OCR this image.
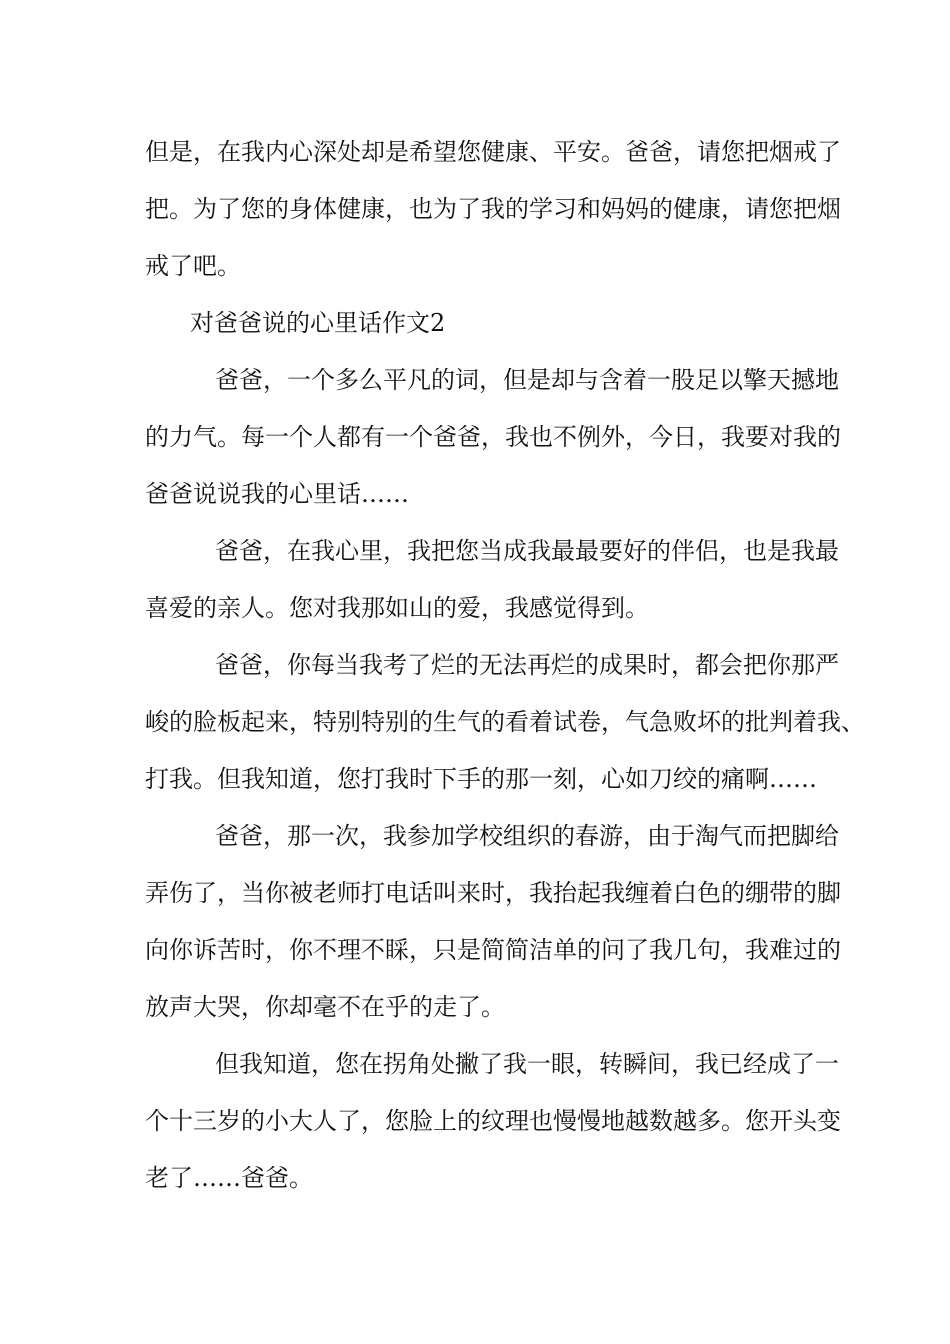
但是，在我内心深处却是希望您健康、平安。爸爸，请您把烟戒了
把。为了您的身体健康，也为了我的学习和妈妈的健康，请您把烟
戒了吧。
对爸爸说的心里话作文2
爸爸，一个多么平凡的词，但是却与含着一股足以擎天撼地
的力气。每一个人都有一个爸爸，我也不例外，今日，我要对我的
爸爸说说我的心里话……
爸爸，在我心里，我把您当成我最最要好的伴侣，也是我最
喜爱的亲人。您对我那如山的爱，我感觉得到。
爸爸，你每当我考了烂的无法再烂的成果时，都会把你那严
峻的脸板起来，特别特别的生气的看着试卷，气急败坏的批判着我、
打我。但我知道，您打我时下手的那一刻，心如刀绞的痛啊……
爸爸，那一次，我参加学校组织的春游，由于淘气而把脚给
弄伤了，当你被老师打电话叫来时，我抬起我缠着白色的绷带的脚
向你诉苦时，你不理不睬，只是简简洁单的问了我几句，我难过的
放声大哭，你却毫不在乎的走了。
但我知道，您在拐角处撇了我一眼，转瞬间，我已经成了一
个十三岁的小大人了，您脸上的纹理也慢慢地越数越多。您开头变
老了……爸爸。
